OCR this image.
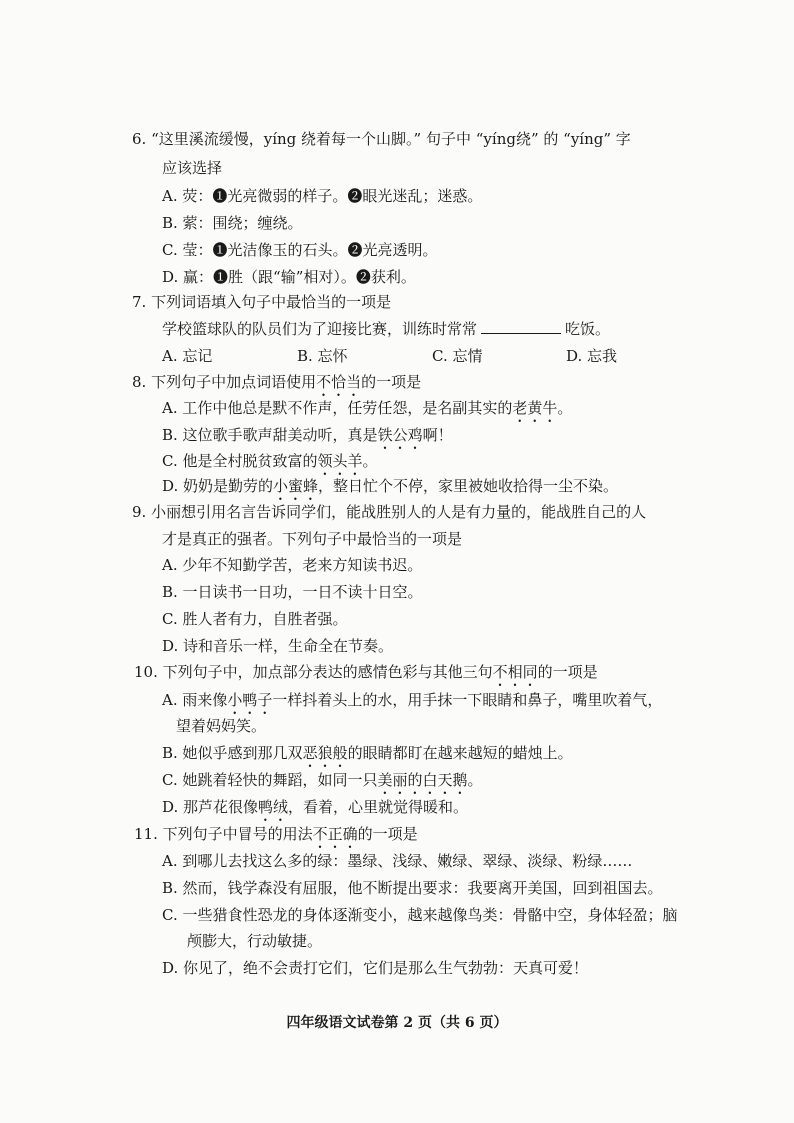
6. “这里溪流缓慢，yíng 绕着每一个山脚。” 句子中 “yíng绕” 的 “yíng” 字
应该选择
A. 荧：❶光亮微弱的样子。❷眼光迷乱；迷惑。
B. 萦：围绕；缠绕。
C. 莹：❶光洁像玉的石头。❷光亮透明。
D. 赢：❶胜（跟“输”相对）。❷获利。
7. 下列词语填入句子中最恰当的一项是
学校篮球队的队员们为了迎接比赛，训练时常常	吃饭。
A. 忘记	B. 忘怀	C. 忘情	D. 忘我
8. 下列句子中加点词语使用不恰当的一项是
A. 工作中他总是默不作声，任劳任怨，是名副其实的老黄牛。
B. 这位歌手歌声甜美动听，真是铁公鸡啊！
C. 他是全村脱贫致富的领头羊。
D. 奶奶是勤劳的小蜜蜂，整日忙个不停，家里被她收拾得一尘不染。
9. 小丽想引用名言告诉同学们，能战胜别人的人是有力量的，能战胜自己的人
才是真正的强者。下列句子中最恰当的一项是
A. 少年不知勤学苦，老来方知读书迟。
B. 一日读书一日功，一日不读十日空。
C. 胜人者有力，自胜者强。
D. 诗和音乐一样，生命全在节奏。
10. 下列句子中，加点部分表达的感情色彩与其他三句不相同的一项是
A. 雨来像小鸭子一样抖着头上的水，用手抹一下眼睛和鼻子，嘴里吹着气，
望着妈妈笑。
B. 她似乎感到那几双恶狼般的眼睛都盯在越来越短的蜡烛上。
C. 她跳着轻快的舞蹈，如同一只美丽的白天鹅。
D. 那芦花很像鸭绒，看着，心里就觉得暖和。
11. 下列句子中冒号的用法不正确的一项是
A. 到哪儿去找这么多的绿：墨绿、浅绿、嫩绿、翠绿、淡绿、粉绿……
B. 然而，钱学森没有屈服，他不断提出要求：我要离开美国，回到祖国去。
C. 一些猎食性恐龙的身体逐渐变小，越来越像鸟类：骨骼中空，身体轻盈；脑
颅膨大，行动敏捷。
D. 你见了，绝不会责打它们，它们是那么生气勃勃：天真可爱！
四年级语文试卷第 2 页（共 6 页）
